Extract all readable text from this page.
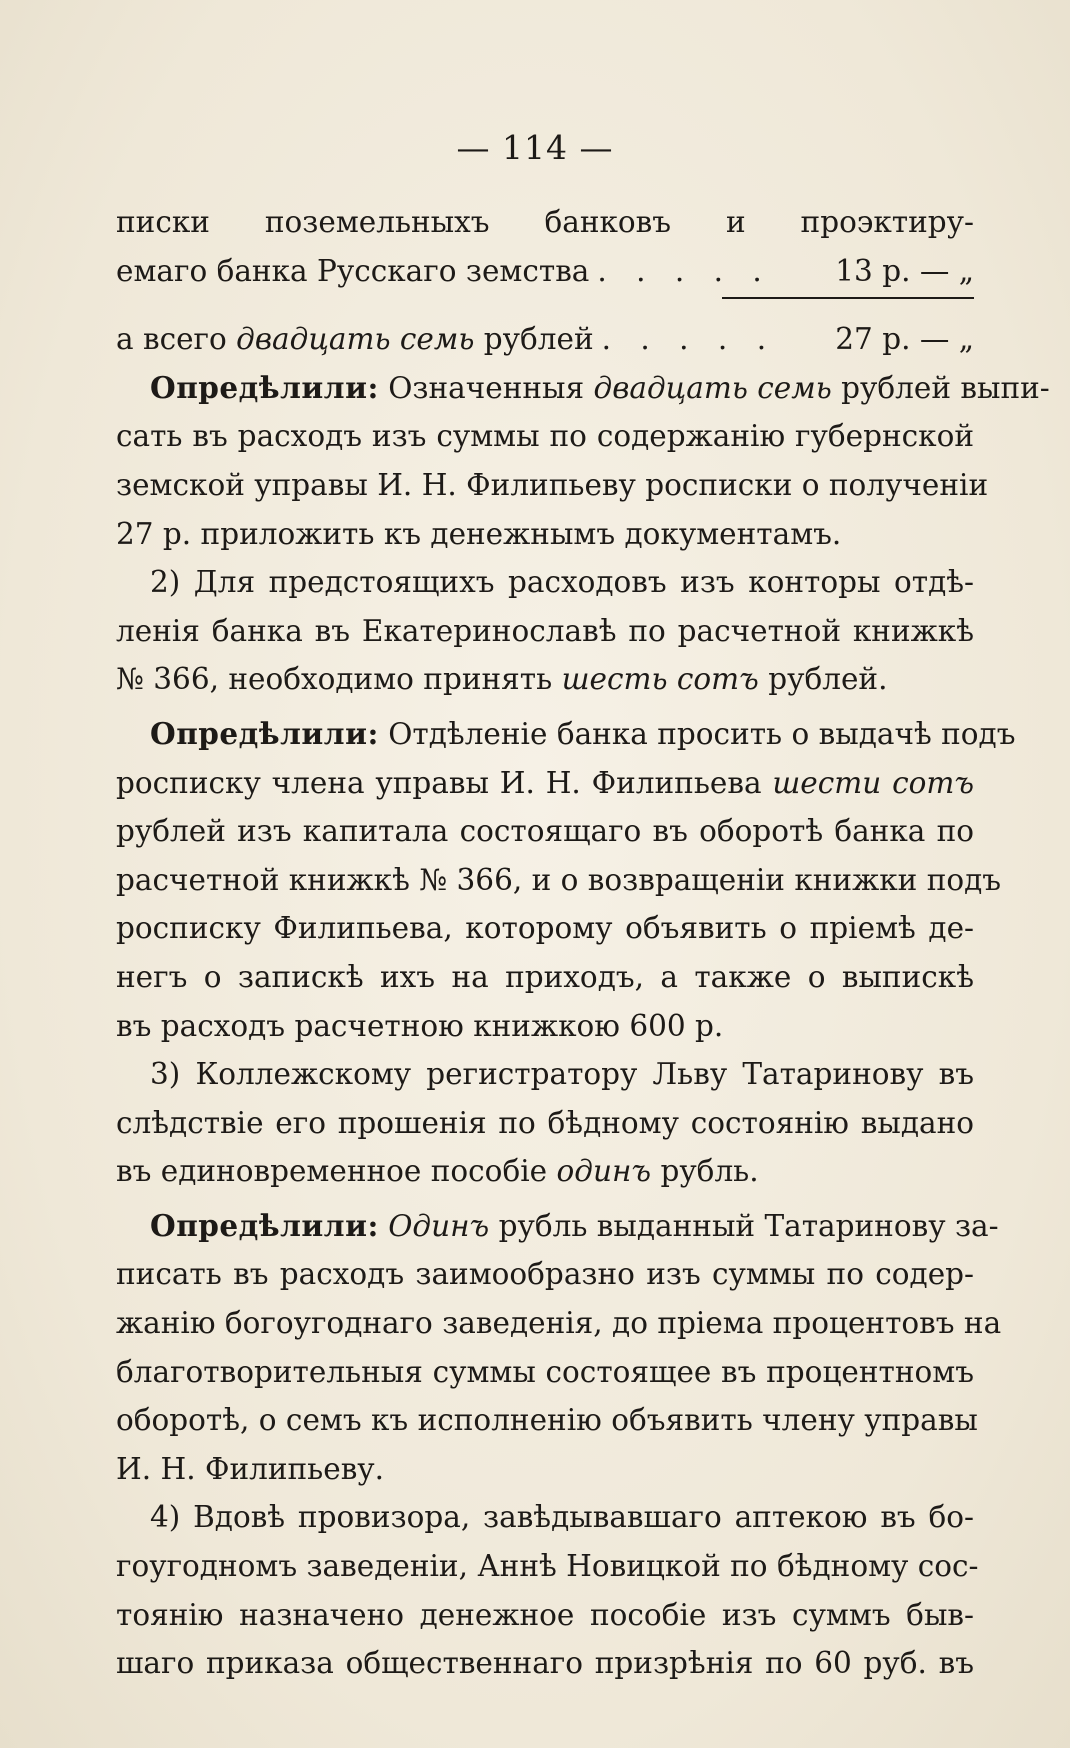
— 114 —
писки поземельныхъ банковъ и проэктиру-
емаго банка Русскаго земства . . . . . 13 р. — „
а всего
двадцать семь
рублей . . . . . 27 р. — „
Опредѣлили: Означенныя двадцать семь рублей выпи-
сать въ расходъ изъ суммы по содержанію губернской
земской управы И. Н. Филипьеву росписки о полученіи
27 р. приложить къ денежнымъ документамъ.
2) Для предстоящихъ расходовъ изъ конторы отдѣ-
ленія банка въ Екатеринославѣ по расчетной книжкѣ
№ 366, необходимо принять шесть сотъ рублей.
Опредѣлили: Отдѣленіе банка просить о выдачѣ подъ
росписку члена управы И. Н. Филипьева шести сотъ
рублей изъ капитала состоящаго въ оборотѣ банка по
расчетной книжкѣ № 366, и о возвращеніи книжки подъ
росписку Филипьева, которому объявить о пріемѣ де-
негъ о запискѣ ихъ на приходъ, а также о выпискѣ
въ расходъ расчетною книжкою 600 р.
3) Коллежскому регистратору Льву Татаринову въ
слѣдствіе его прошенія по бѣдному состоянію выдано
въ единовременное пособіе одинъ рубль.
Опредѣлили: Одинъ рубль выданный Татаринову за-
писать въ расходъ заимообразно изъ суммы по содер-
жанію богоугоднаго заведенія, до пріема процентовъ на
благотворительныя суммы состоящее въ процентномъ
оборотѣ, о семъ къ исполненію объявить члену управы
И. Н. Филипьеву.
4) Вдовѣ провизора, завѣдывавшаго аптекою въ бо-
гоугодномъ заведеніи, Аннѣ Новицкой по бѣдному сос-
тоянію назначено денежное пособіе изъ суммъ быв-
шаго приказа общественнаго призрѣнія по 60 руб. въ
